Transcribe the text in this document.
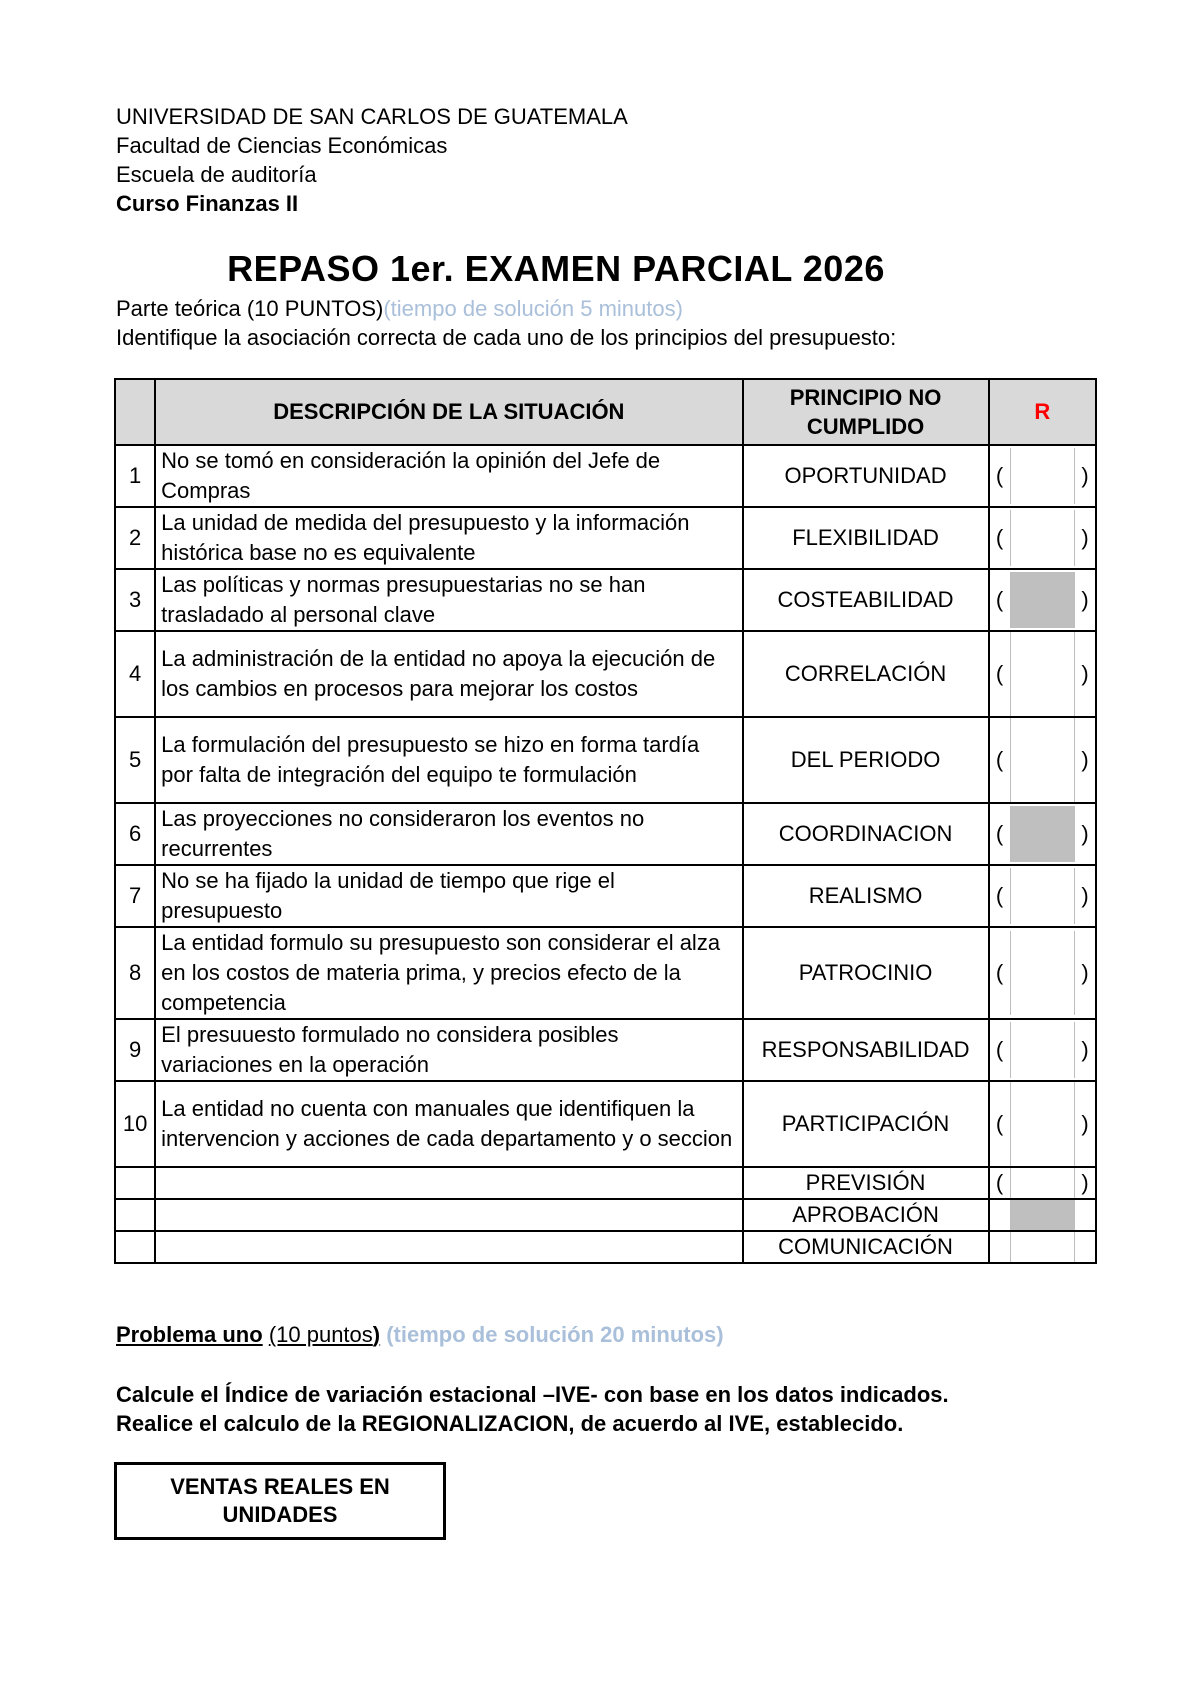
UNIVERSIDAD DE SAN CARLOS DE GUATEMALA
Facultad de Ciencias Económicas
Escuela de auditoría
Curso Finanzas II
REPASO 1er. EXAMEN PARCIAL 2026
Parte teórica (10 PUNTOS)(tiempo de solución 5 minutos)
Identifique la asociación correcta de cada uno de los principios del presupuesto:
	DESCRIPCIÓN DE LA SITUACIÓN	PRINCIPIO NO CUMPLIDO	R
1	No se tomó en consideración la opinión del Jefe de Compras	OPORTUNIDAD	( )

2	La unidad de medida del presupuesto y la información histórica base no es equivalente	FLEXIBILIDAD	( )

3	Las políticas y normas presupuestarias no se han trasladado al personal clave	COSTEABILIDAD	( )

4	La administración de la entidad no apoya la ejecución de los cambios en procesos para mejorar los costos	CORRELACIÓN	( )

5	La formulación del presupuesto se hizo en forma tardía por falta de integración del equipo te formulación	DEL PERIODO	( )

6	Las proyecciones no consideraron los eventos no recurrentes	COORDINACION	( )

7	No se ha fijado la unidad de tiempo que rige el presupuesto	REALISMO	( )

8	La entidad formulo su presupuesto son considerar el alza en los costos de materia prima, y precios efecto de la competencia	PATROCINIO	( )

9	El presuuesto formulado no considera posibles variaciones en la operación	RESPONSABILIDAD	( )

10	La entidad no cuenta con manuales que identifiquen la intervencion y acciones de cada departamento y o seccion	PARTICIPACIÓN	( )

		PREVISIÓN	( )

		APROBACIÓN	

		COMUNICACIÓN	
Problema uno (10 puntos) (tiempo de solución 20 minutos)
Calcule el Índice de variación estacional –IVE- con base en los datos indicados.
Realice el calculo de la REGIONALIZACION, de acuerdo al IVE, establecido.
VENTAS REALES EN
UNIDADES
